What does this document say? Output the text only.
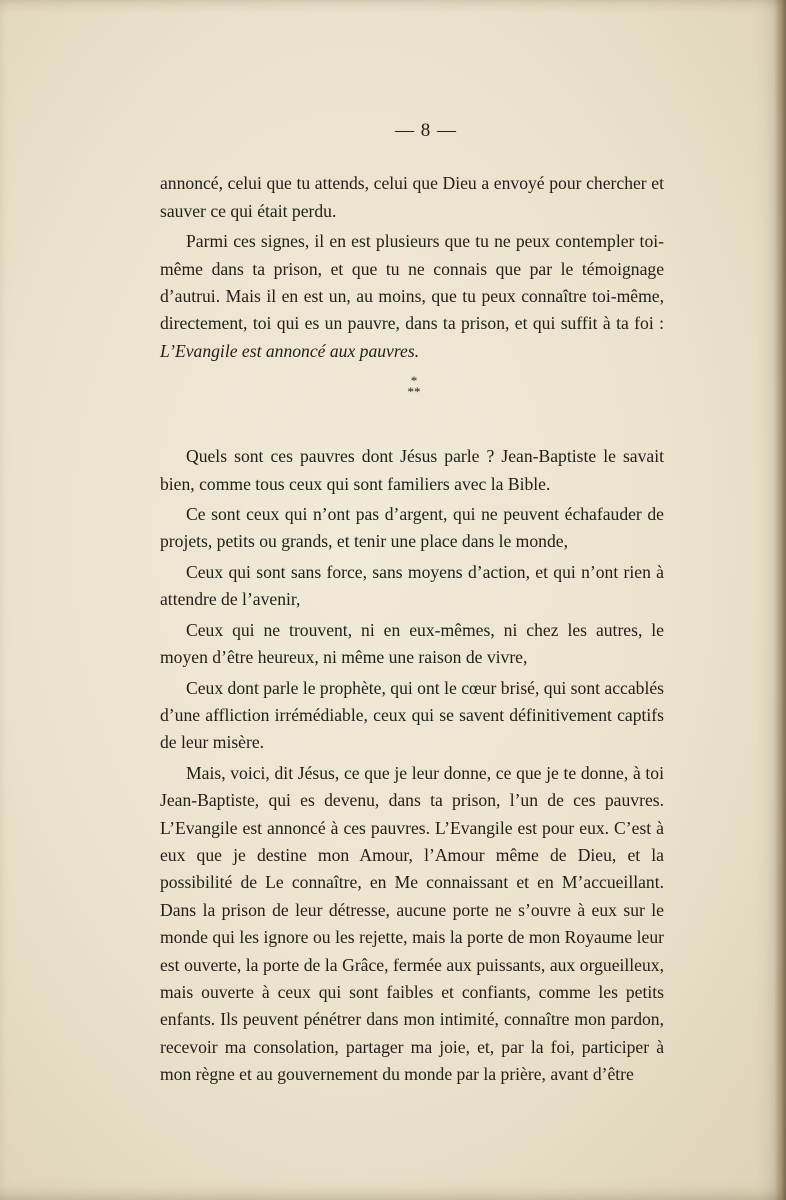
— 8 —

annoncé, celui que tu attends, celui que Dieu a envoyé pour chercher et sauver ce qui était perdu.

Parmi ces signes, il en est plusieurs que tu ne peux contempler toi-même dans ta prison, et que tu ne connais que par le témoignage d’autrui. Mais il en est un, au moins, que tu peux connaître toi-même, directement, toi qui es un pauvre, dans ta prison, et qui suffit à ta foi : L’Evangile est annoncé aux pauvres.

*
**

Quels sont ces pauvres dont Jésus parle ? Jean-Baptiste le savait bien, comme tous ceux qui sont familiers avec la Bible.

Ce sont ceux qui n’ont pas d’argent, qui ne peuvent échafauder de projets, petits ou grands, et tenir une place dans le monde,

Ceux qui sont sans force, sans moyens d’action, et qui n’ont rien à attendre de l’avenir,

Ceux qui ne trouvent, ni en eux-mêmes, ni chez les autres, le moyen d’être heureux, ni même une raison de vivre,

Ceux dont parle le prophète, qui ont le cœur brisé, qui sont accablés d’une affliction irrémédiable, ceux qui se savent définitivement captifs de leur misère.

Mais, voici, dit Jésus, ce que je leur donne, ce que je te donne, à toi Jean-Baptiste, qui es devenu, dans ta prison, l’un de ces pauvres. L’Evangile est annoncé à ces pauvres. L’Evangile est pour eux. C’est à eux que je destine mon Amour, l’Amour même de Dieu, et la possibilité de Le connaître, en Me connaissant et en M’accueillant. Dans la prison de leur détresse, aucune porte ne s’ouvre à eux sur le monde qui les ignore ou les rejette, mais la porte de mon Royaume leur est ouverte, la porte de la Grâce, fermée aux puissants, aux orgueilleux, mais ouverte à ceux qui sont faibles et confiants, comme les petits enfants. Ils peuvent pénétrer dans mon intimité, connaître mon pardon, recevoir ma consolation, partager ma joie, et, par la foi, participer à mon règne et au gouvernement du monde par la prière, avant d’être
